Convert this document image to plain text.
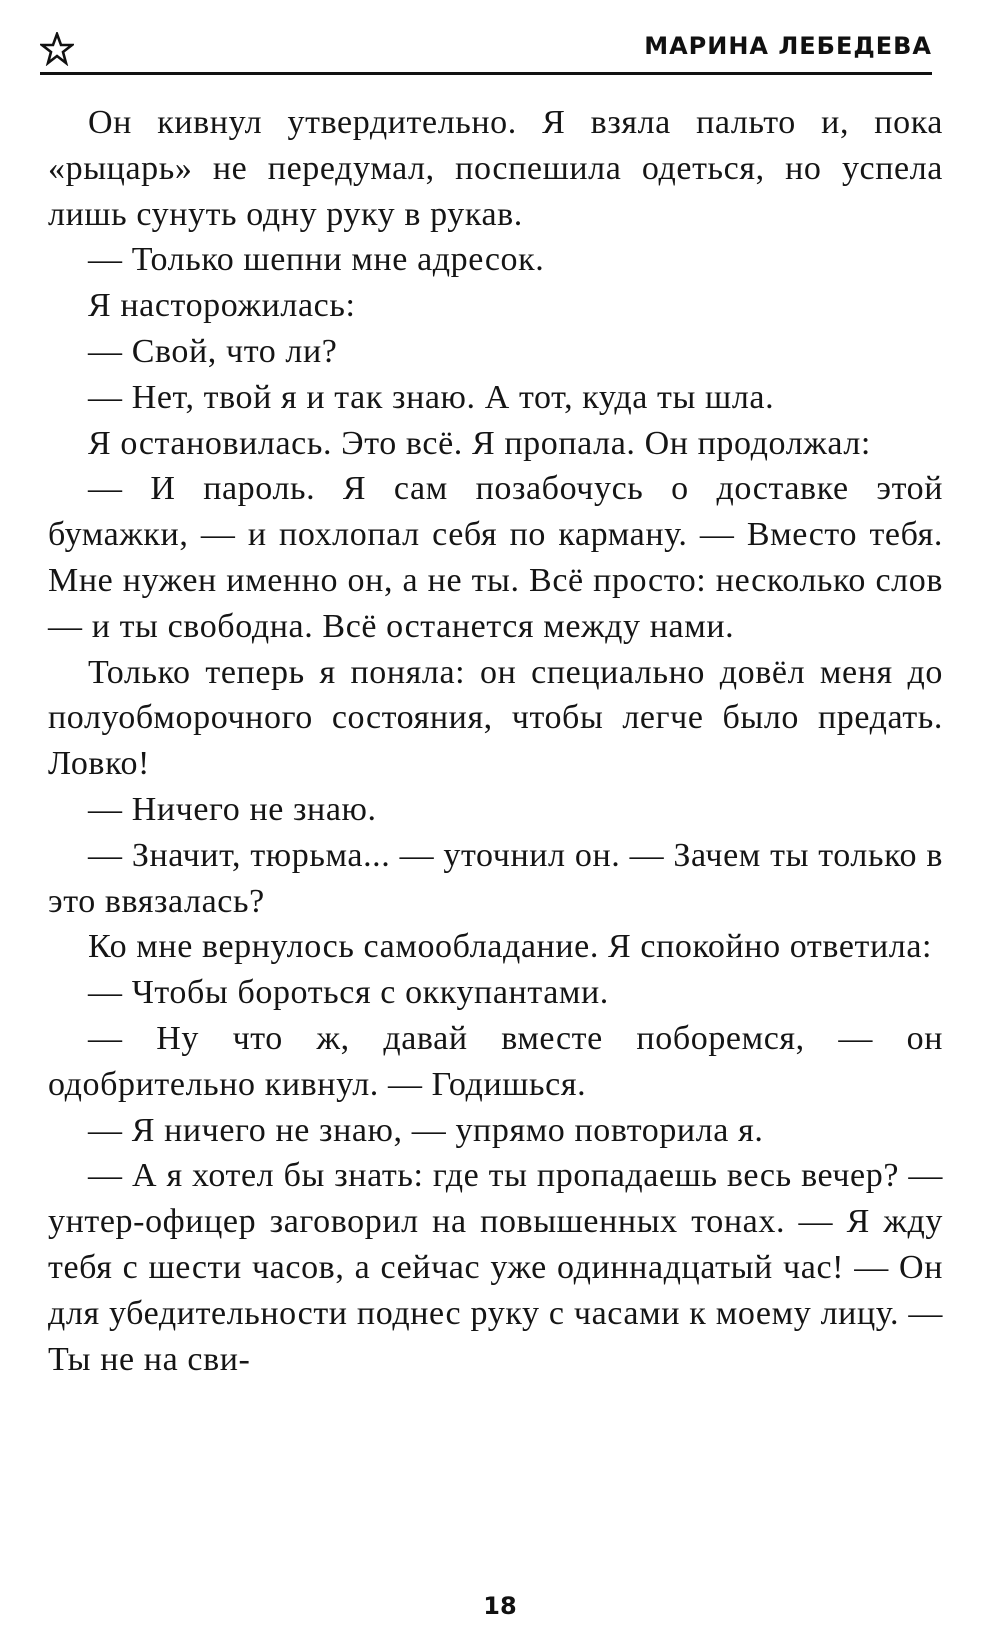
МАРИНА ЛЕБЕДЕВА

Он кивнул утвердительно. Я взяла пальто и, пока «рыцарь» не передумал, поспешила одеться, но успела лишь сунуть одну руку в рукав.

— Только шепни мне адресок.

Я насторожилась:

— Свой, что ли?

— Нет, твой я и так знаю. А тот, куда ты шла.

Я остановилась. Это всё. Я пропала. Он продолжал:

— И пароль. Я сам позабочусь о доставке этой бумажки, — и похлопал себя по карману. — Вместо тебя. Мне нужен именно он, а не ты. Всё просто: несколько слов — и ты свободна. Всё останется между нами.

Только теперь я поняла: он специально довёл меня до полуобморочного состояния, чтобы легче было предать. Ловко!

— Ничего не знаю.

— Значит, тюрьма... — уточнил он. — Зачем ты только в это ввязалась?

Ко мне вернулось самообладание. Я спокойно ответила:

— Чтобы бороться с оккупантами.

— Ну что ж, давай вместе поборемся, — он одобрительно кивнул. — Годишься.

— Я ничего не знаю, — упрямо повторила я.

— А я хотел бы знать: где ты пропадаешь весь вечер? — унтер-офицер заговорил на повышенных тонах. — Я жду тебя с шести часов, а сейчас уже одиннадцатый час! — Он для убедительности поднес руку с часами к моему лицу. — Ты не на сви-

18
